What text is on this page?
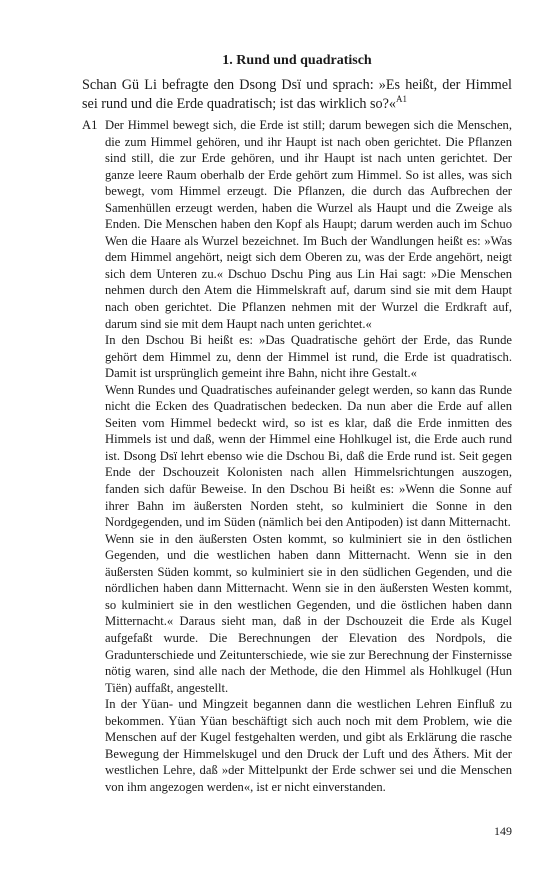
1. Rund und quadratisch
Schan Gü Li befragte den Dsong Dsï und sprach: »Es heißt, der Himmel sei rund und die Erde quadratisch; ist das wirklich so?«$^{A1}$
A1 Der Himmel bewegt sich, die Erde ist still; darum bewegen sich die Menschen, die zum Himmel gehören, und ihr Haupt ist nach oben gerichtet. Die Pflanzen sind still, die zur Erde gehören, und ihr Haupt ist nach unten gerichtet. Der ganze leere Raum oberhalb der Erde gehört zum Himmel. So ist alles, was sich bewegt, vom Himmel erzeugt. Die Pflanzen, die durch das Aufbrechen der Samenhüllen erzeugt werden, haben die Wurzel als Haupt und die Zweige als Enden. Die Menschen haben den Kopf als Haupt; darum werden auch im Schuo Wen die Haare als Wurzel bezeichnet. Im Buch der Wandlungen heißt es: »Was dem Himmel angehört, neigt sich dem Oberen zu, was der Erde angehört, neigt sich dem Unteren zu.« Dschuo Dschu Ping aus Lin Hai sagt: »Die Menschen nehmen durch den Atem die Himmelskraft auf, darum sind sie mit dem Haupt nach oben gerichtet. Die Pflanzen nehmen mit der Wurzel die Erdkraft auf, darum sind sie mit dem Haupt nach unten gerichtet.«

In den Dschou Bi heißt es: »Das Quadratische gehört der Erde, das Runde gehört dem Himmel zu, denn der Himmel ist rund, die Erde ist quadratisch. Damit ist ursprünglich gemeint ihre Bahn, nicht ihre Gestalt.«

Wenn Rundes und Quadratisches aufeinander gelegt werden, so kann das Runde nicht die Ecken des Quadratischen bedecken. Da nun aber die Erde auf allen Seiten vom Himmel bedeckt wird, so ist es klar, daß die Erde inmitten des Himmels ist und daß, wenn der Himmel eine Hohlkugel ist, die Erde auch rund ist. Dsong Dsï lehrt ebenso wie die Dschou Bi, daß die Erde rund ist. Seit gegen Ende der Dschouzeit Kolonisten nach allen Himmelsrichtungen auszogen, fanden sich dafür Beweise. In den Dschou Bi heißt es: »Wenn die Sonne auf ihrer Bahn im äußersten Norden steht, so kulminiert die Sonne in den Nordgegenden, und im Süden (nämlich bei den Antipoden) ist dann Mitternacht.

Wenn sie in den äußersten Osten kommt, so kulminiert sie in den östlichen Gegenden, und die westlichen haben dann Mitternacht. Wenn sie in den äußersten Süden kommt, so kulminiert sie in den südlichen Gegenden, und die nördlichen haben dann Mitternacht. Wenn sie in den äußersten Westen kommt, so kulminiert sie in den westlichen Gegenden, und die östlichen haben dann Mitternacht.« Daraus sieht man, daß in der Dschouzeit die Erde als Kugel aufgefaßt wurde. Die Berechnungen der Elevation des Nordpols, die Gradunterschiede und Zeitunterschiede, wie sie zur Berechnung der Finsternisse nötig waren, sind alle nach der Methode, die den Himmel als Hohlkugel (Hun Tiën) auffaßt, angestellt.

In der Yüan- und Mingzeit begannen dann die westlichen Lehren Einfluß zu bekommen. Yüan Yüan beschäftigt sich auch noch mit dem Problem, wie die Menschen auf der Kugel festgehalten werden, und gibt als Erklärung die rasche Bewegung der Himmelskugel und den Druck der Luft und des Äthers. Mit der westlichen Lehre, daß »der Mittelpunkt der Erde schwer sei und die Menschen von ihm angezogen werden«, ist er nicht einverstanden.

149
